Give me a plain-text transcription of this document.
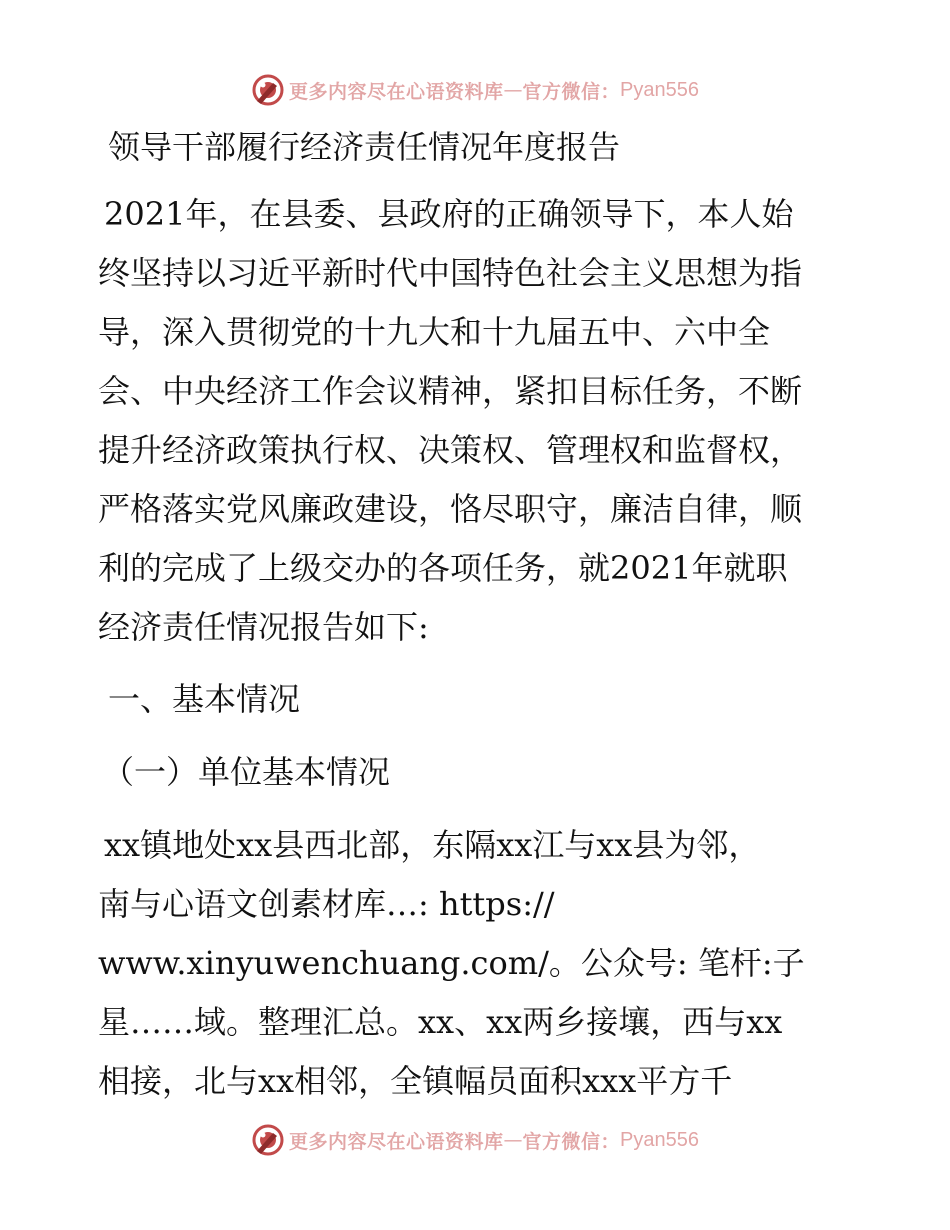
更多内容尽在心语资料库 — 官方微信： Pyan556

领导干部履行经济责任情况年度报告

2021年，在县委、县政府的正确领导下，本人始

终坚持以习近平新时代中国特色社会主义思想为指

导，深入贯彻党的十九大和十九届五中、六中全

会、中央经济工作会议精神，紧扣目标任务，不断

提升经济政策执行权、决策权、管理权和监督权，

严格落实党风廉政建设，恪尽职守，廉洁自律，顺

利的完成了上级交办的各项任务，就2021年就职

经济责任情况报告如下:

一、基本情况

（一）单位基本情况

xx镇地处xx县西北部，东隔xx江与xx县为邻，

南与心语文创素材库…: https://

www.xinyuwenchuang.com/。公众号: 笔杆:子

星……域。整理汇总。xx、xx两乡接壤，西与xx

相接，北与xx相邻，全镇幅员面积xxx平方千

更多内容尽在心语资料库 — 官方微信： Pyan556
